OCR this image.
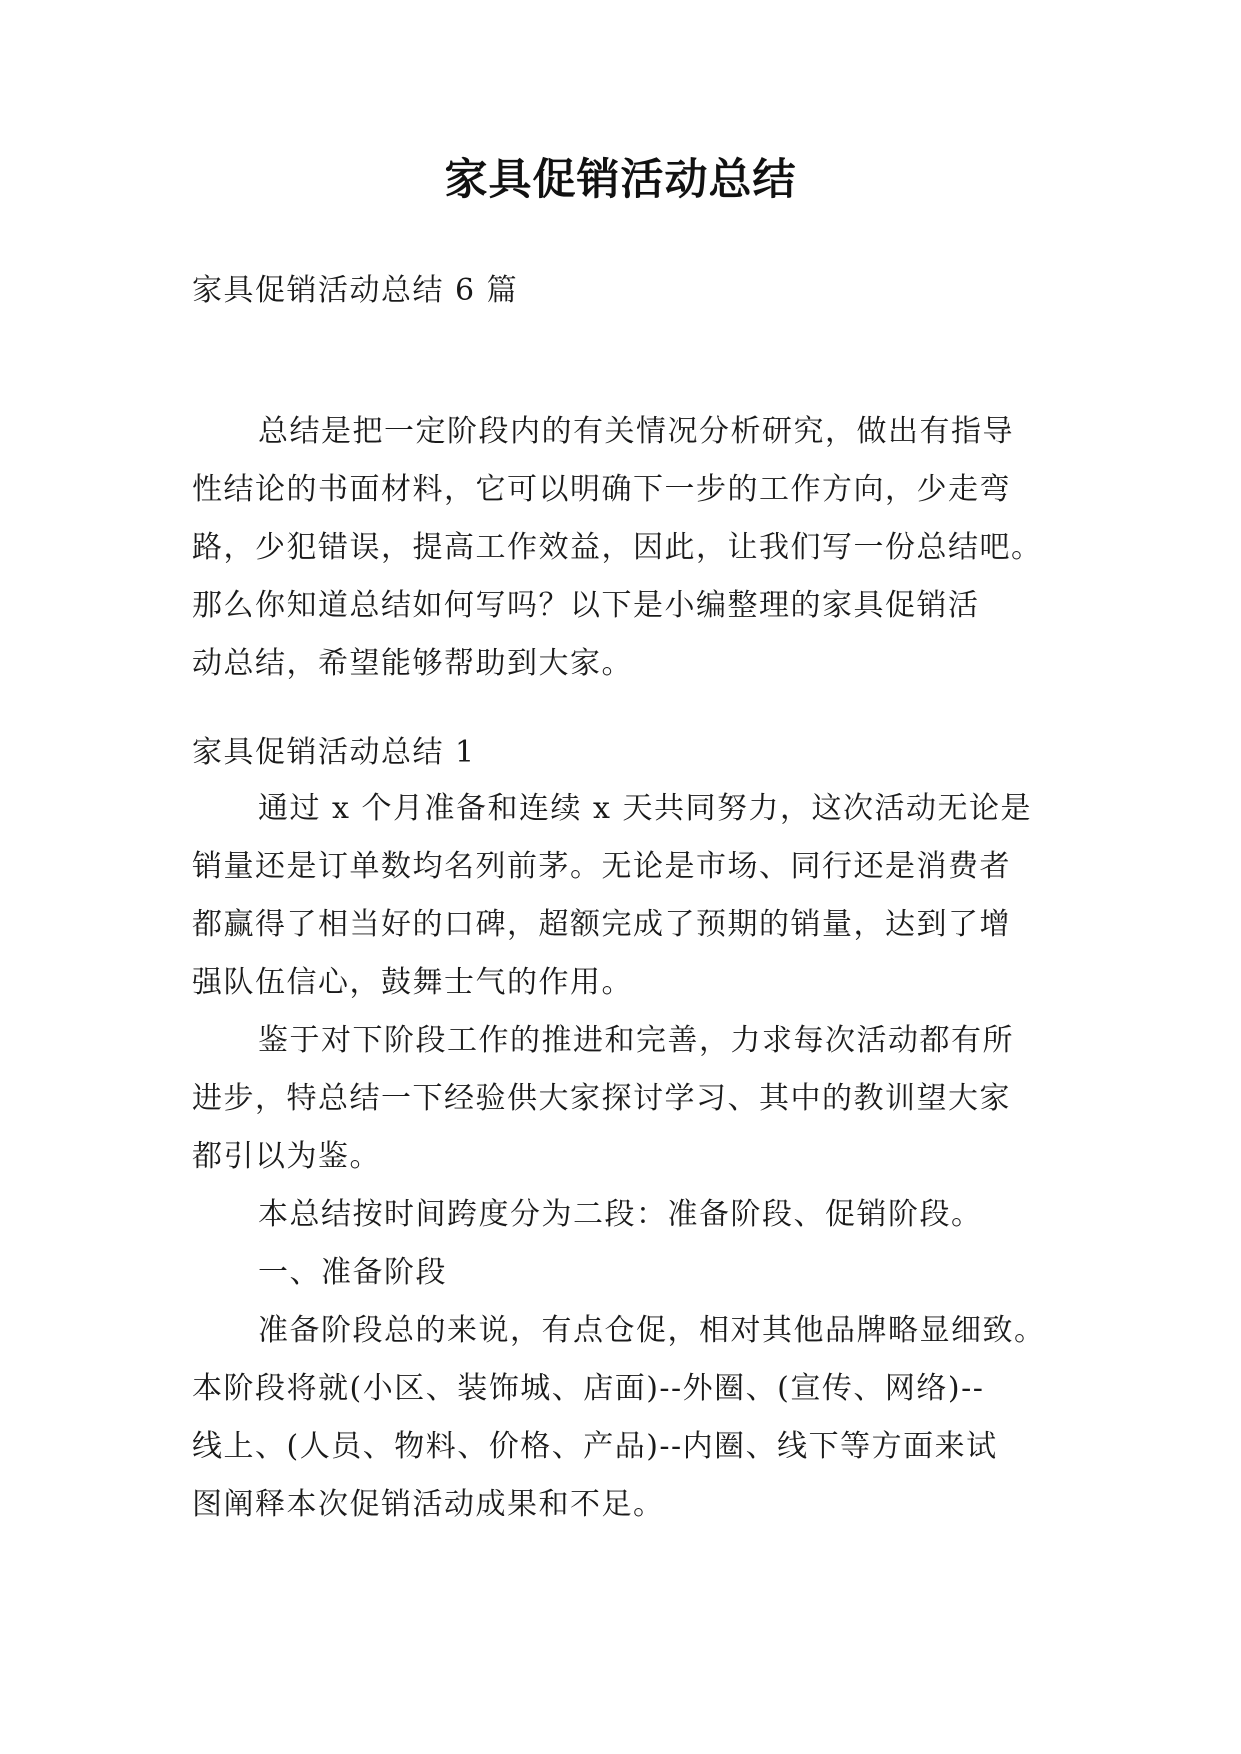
家具促销活动总结
家具促销活动总结 6 篇
总结是把一定阶段内的有关情况分析研究，做出有指导
性结论的书面材料，它可以明确下一步的工作方向，少走弯
路，少犯错误，提高工作效益，因此，让我们写一份总结吧。
那么你知道总结如何写吗？以下是小编整理的家具促销活
动总结，希望能够帮助到大家。
家具促销活动总结 1
通过 x 个月准备和连续 x 天共同努力，这次活动无论是
销量还是订单数均名列前茅。无论是市场、同行还是消费者
都赢得了相当好的口碑，超额完成了预期的销量，达到了增
强队伍信心，鼓舞士气的作用。
鉴于对下阶段工作的推进和完善，力求每次活动都有所
进步，特总结一下经验供大家探讨学习、其中的教训望大家
都引以为鉴。
本总结按时间跨度分为二段：准备阶段、促销阶段。
一、准备阶段
准备阶段总的来说，有点仓促，相对其他品牌略显细致。
本阶段将就(小区、装饰城、店面)--外圈、(宣传、网络)--
线上、(人员、物料、价格、产品)--内圈、线下等方面来试
图阐释本次促销活动成果和不足。
